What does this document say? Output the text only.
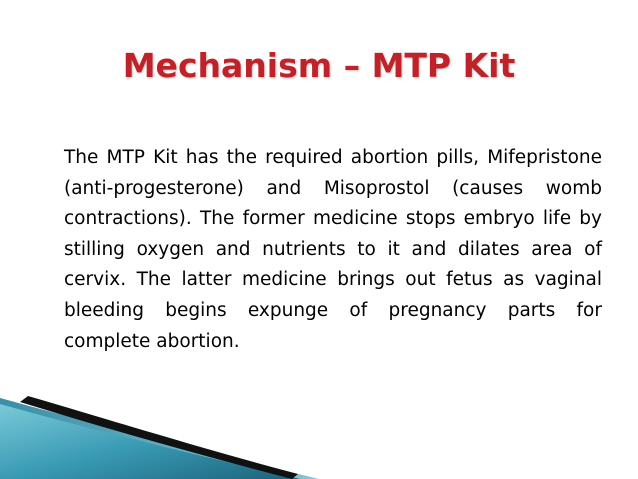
Mechanism – MTP Kit

The MTP Kit has the required abortion pills, Mifepristone (anti-progesterone) and Misoprostol (causes womb contractions). The former medicine stops embryo life by stilling oxygen and nutrients to it and dilates area of cervix. The latter medicine brings out fetus as vaginal bleeding begins expunge of pregnancy parts for complete abortion.
